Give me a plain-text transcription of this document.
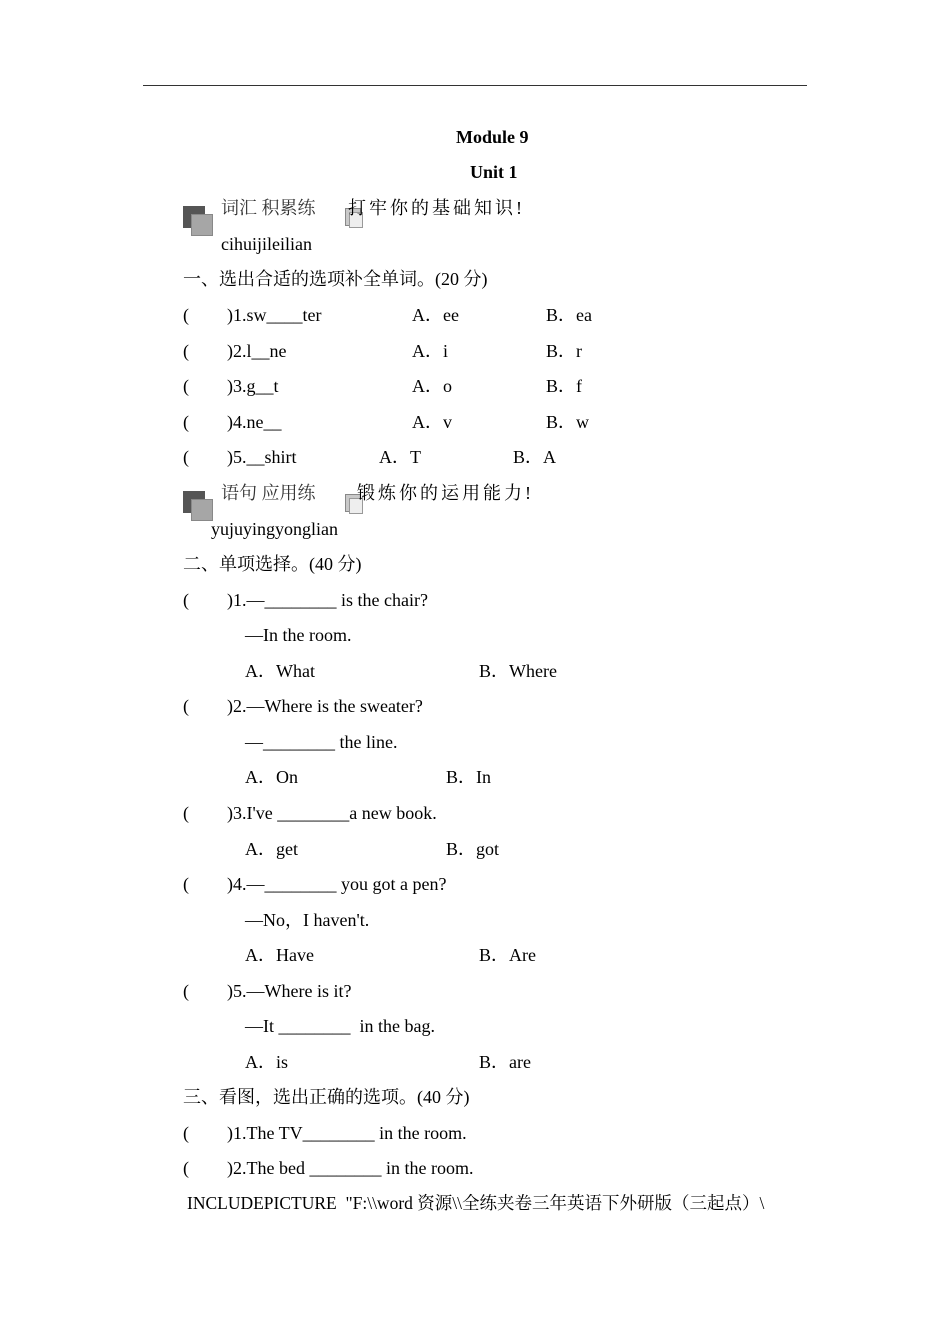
Module 9
Unit 1
词汇 积累练 打牢你的基础知识!
cihuijileilian
一、选出合适的选项补全单词。(20 分)
( )1.sw____ter	A．ee	B．ea
( )2.l__ne	A．i	B．r
( )3.g__t	A．o	B．f
( )4.ne__	A．v	B．w
( )5.__shirt	A．T	B．A
语句 应用练 锻炼你的运用能力!
yujuyingyonglian
二、单项选择。(40 分)
( )1.—________ is the chair?
—In the room.
A．What	B．Where
( )2.—Where is the sweater?
—________ the line.
A．On	B．In
( )3.I've ________a new book.
A．get	B．got
( )4.—________ you got a pen?
—No，I haven't.
A．Have	B．Are
( )5.—Where is it?
—It ________  in the bag.
A．is	B．are
三、看图，选出正确的选项。(40 分)
( )1.The TV________ in the room.
( )2.The bed ________ in the room.
INCLUDEPICTURE  "F:\\word 资源\\全练夹卷三年英语下外研版（三起点）\
